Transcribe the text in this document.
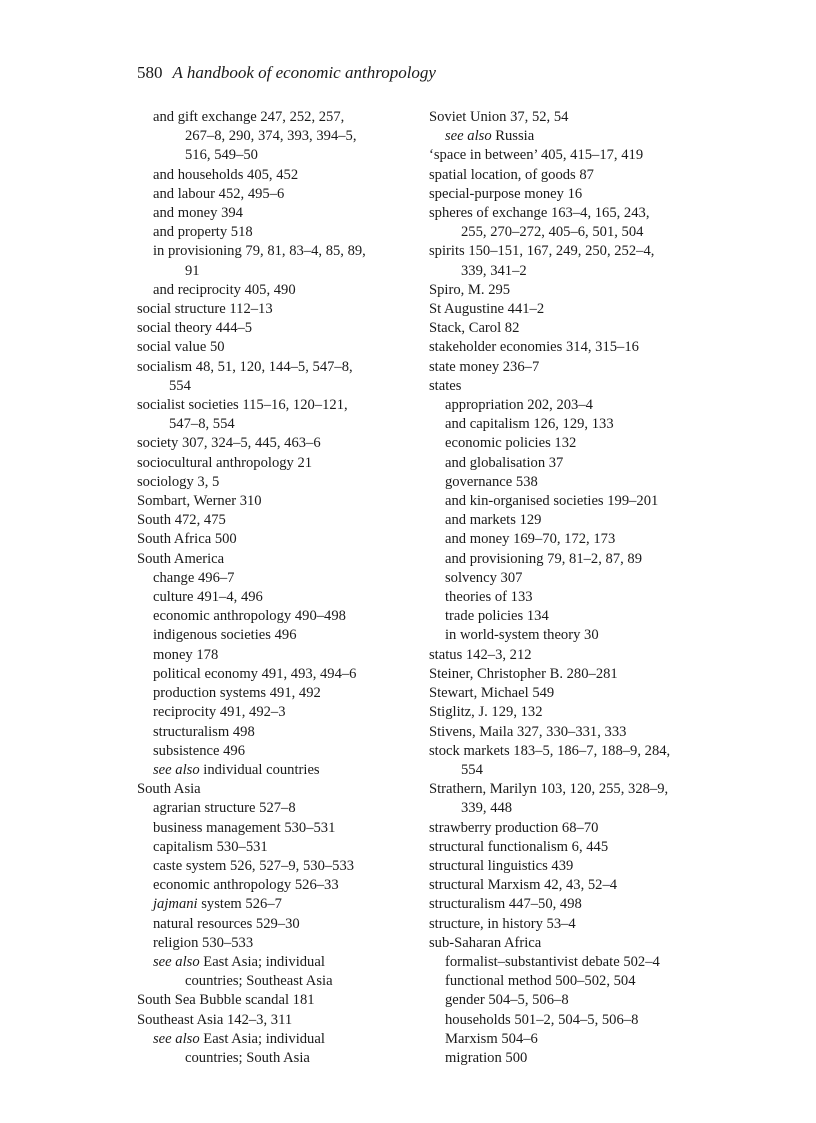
580 A handbook of economic anthropology
and gift exchange 247, 252, 257,
267–8, 290, 374, 393, 394–5,
516, 549–50
and households 405, 452
and labour 452, 495–6
and money 394
and property 518
in provisioning 79, 81, 83–4, 85, 89,
91
and reciprocity 405, 490
social structure 112–13
social theory 444–5
social value 50
socialism 48, 51, 120, 144–5, 547–8,
554
socialist societies 115–16, 120–121,
547–8, 554
society 307, 324–5, 445, 463–6
sociocultural anthropology 21
sociology 3, 5
Sombart, Werner 310
South 472, 475
South Africa 500
South America
change 496–7
culture 491–4, 496
economic anthropology 490–498
indigenous societies 496
money 178
political economy 491, 493, 494–6
production systems 491, 492
reciprocity 491, 492–3
structuralism 498
subsistence 496
see also individual countries
South Asia
agrarian structure 527–8
business management 530–531
capitalism 530–531
caste system 526, 527–9, 530–533
economic anthropology 526–33
jajmani system 526–7
natural resources 529–30
religion 530–533
see also East Asia; individual
countries; Southeast Asia
South Sea Bubble scandal 181
Southeast Asia 142–3, 311
see also East Asia; individual
countries; South Asia
Soviet Union 37, 52, 54
see also Russia
‘space in between’ 405, 415–17, 419
spatial location, of goods 87
special-purpose money 16
spheres of exchange 163–4, 165, 243,
255, 270–272, 405–6, 501, 504
spirits 150–151, 167, 249, 250, 252–4,
339, 341–2
Spiro, M. 295
St Augustine 441–2
Stack, Carol 82
stakeholder economies 314, 315–16
state money 236–7
states
appropriation 202, 203–4
and capitalism 126, 129, 133
economic policies 132
and globalisation 37
governance 538
and kin-organised societies 199–201
and markets 129
and money 169–70, 172, 173
and provisioning 79, 81–2, 87, 89
solvency 307
theories of 133
trade policies 134
in world-system theory 30
status 142–3, 212
Steiner, Christopher B. 280–281
Stewart, Michael 549
Stiglitz, J. 129, 132
Stivens, Maila 327, 330–331, 333
stock markets 183–5, 186–7, 188–9, 284,
554
Strathern, Marilyn 103, 120, 255, 328–9,
339, 448
strawberry production 68–70
structural functionalism 6, 445
structural linguistics 439
structural Marxism 42, 43, 52–4
structuralism 447–50, 498
structure, in history 53–4
sub-Saharan Africa
formalist–substantivist debate 502–4
functional method 500–502, 504
gender 504–5, 506–8
households 501–2, 504–5, 506–8
Marxism 504–6
migration 500
